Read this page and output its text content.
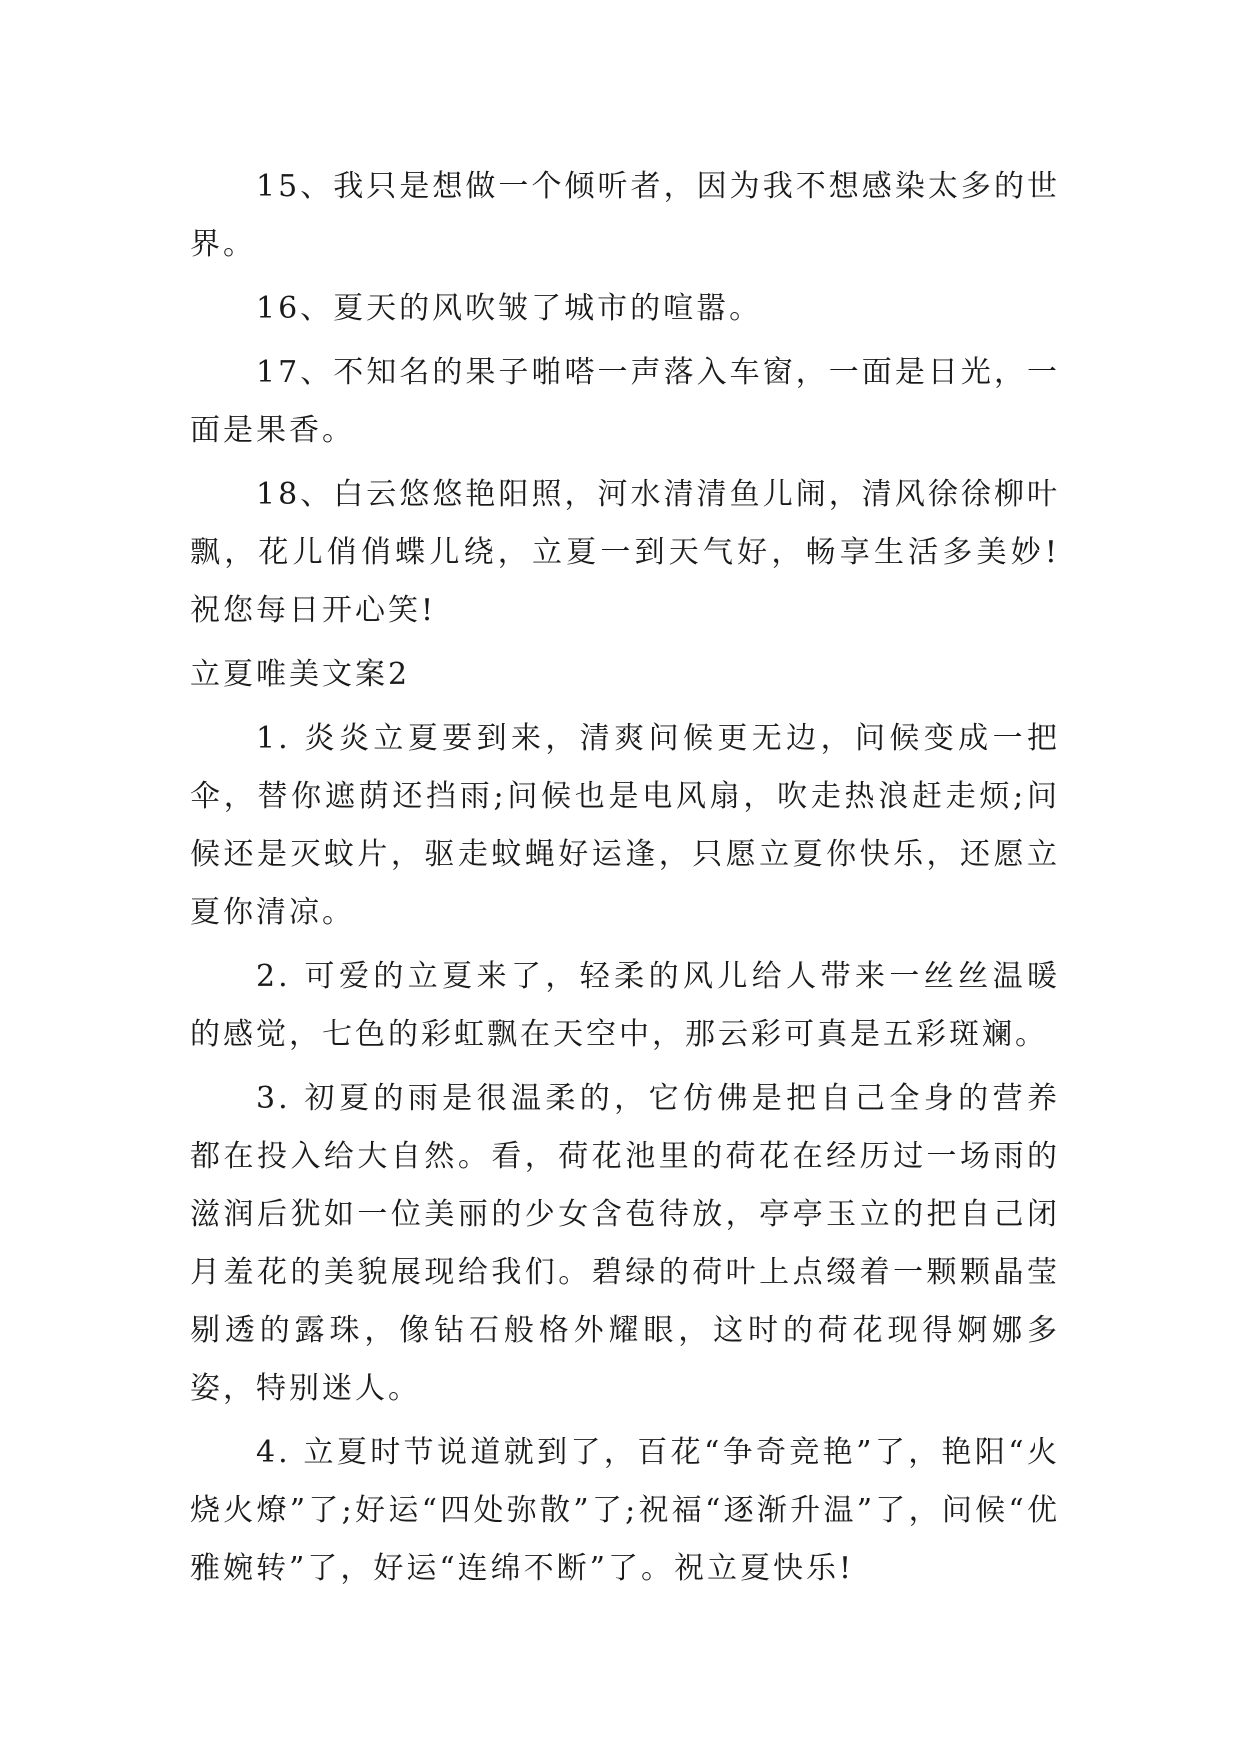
15、我只是想做一个倾听者，因为我不想感染太多的世界。

16、夏天的风吹皱了城市的喧嚣。

17、不知名的果子啪嗒一声落入车窗，一面是日光，一面是果香。

18、白云悠悠艳阳照，河水清清鱼儿闹，清风徐徐柳叶飘，花儿俏俏蝶儿绕，立夏一到天气好，畅享生活多美妙!祝您每日开心笑!

立夏唯美文案2

1. 炎炎立夏要到来，清爽问候更无边，问候变成一把伞，替你遮荫还挡雨;问候也是电风扇，吹走热浪赶走烦;问候还是灭蚊片，驱走蚊蝇好运逢，只愿立夏你快乐，还愿立夏你清凉。

2. 可爱的立夏来了，轻柔的风儿给人带来一丝丝温暖的感觉，七色的彩虹飘在天空中，那云彩可真是五彩斑斓。

3. 初夏的雨是很温柔的，它仿佛是把自己全身的营养都在投入给大自然。看，荷花池里的荷花在经历过一场雨的滋润后犹如一位美丽的少女含苞待放，亭亭玉立的把自己闭月羞花的美貌展现给我们。碧绿的荷叶上点缀着一颗颗晶莹剔透的露珠，像钻石般格外耀眼，这时的荷花现得婀娜多姿，特别迷人。

4. 立夏时节说道就到了，百花“争奇竞艳”了，艳阳“火烧火燎”了;好运“四处弥散”了;祝福“逐渐升温”了，问候“优雅婉转”了，好运“连绵不断”了。祝立夏快乐!
